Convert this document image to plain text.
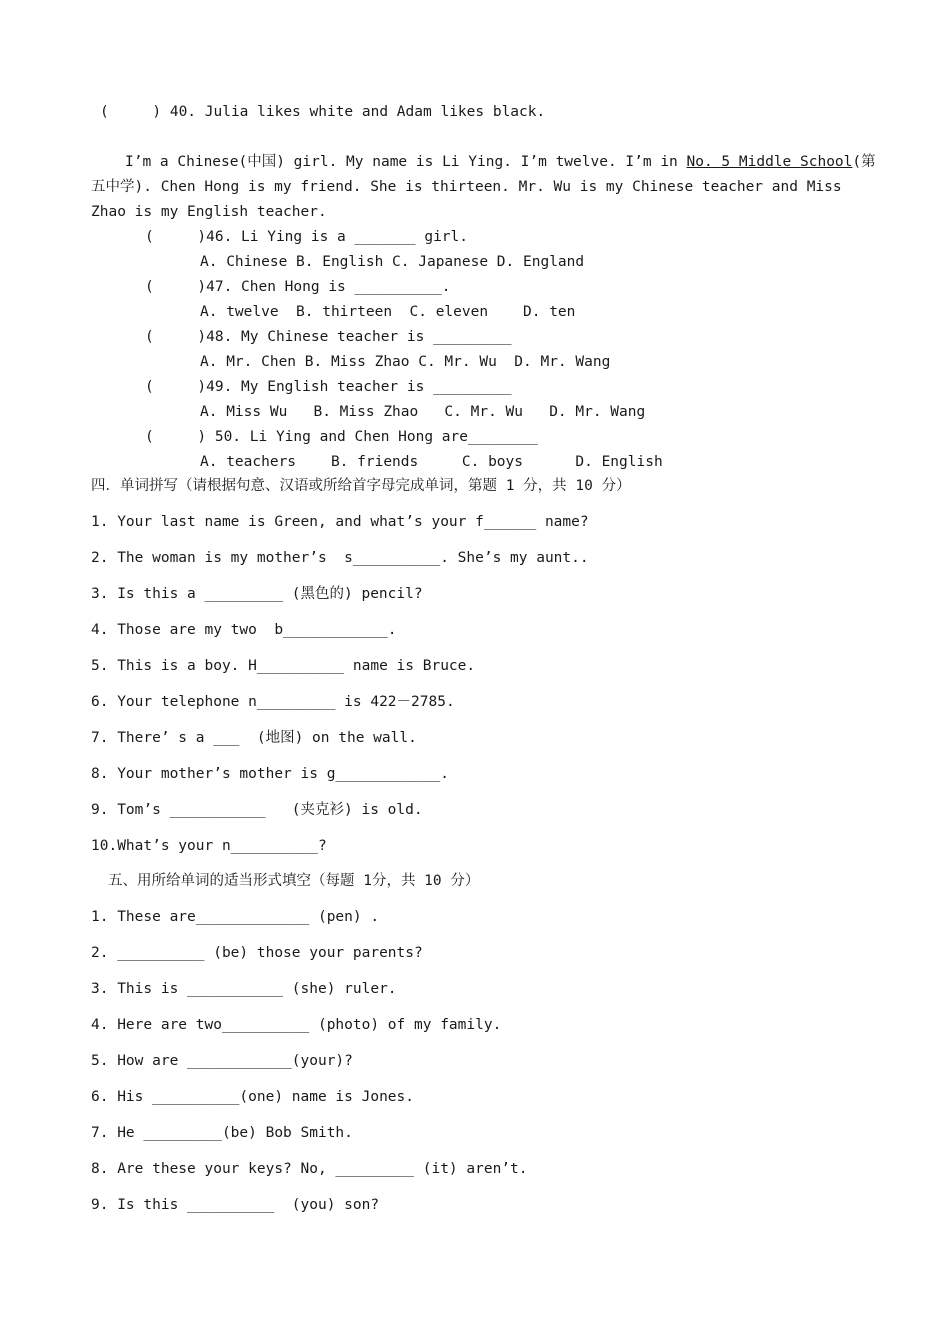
(     ) 40. Julia likes white and Adam likes black.
I’m a Chinese(中国) girl. My name is Li Ying. I’m twelve. I’m in No. 5 Middle School(第
五中学). Chen Hong is my friend. She is thirteen. Mr. Wu is my Chinese teacher and Miss
Zhao is my English teacher.
(     )46. Li Ying is a _______ girl.
A. Chinese B. English C. Japanese D. England
(     )47. Chen Hong is __________.
A. twelve  B. thirteen  C. eleven    D. ten
(     )48. My Chinese teacher is _________
A. Mr. Chen B. Miss Zhao C. Mr. Wu  D. Mr. Wang
(     )49. My English teacher is _________
A. Miss Wu   B. Miss Zhao   C. Mr. Wu   D. Mr. Wang
(     ) 50. Li Ying and Chen Hong are________
A. teachers    B. friends     C. boys      D. English
四．单词拼写（请根据句意、汉语或所给首字母完成单词，第题 1 分，共 10 分）
1. Your last name is Green, and what’s your f______ name?
2. The woman is my mother’s  s__________. She’s my aunt..
3. Is this a _________ (黑色的) pencil?
4. Those are my two  b____________.
5. This is a boy. H__________ name is Bruce.
6. Your telephone n_________ is 422－2785.
7. There’ s a ___  (地图) on the wall.
8. Your mother’s mother is g____________.
9. Tom’s ___________   (夹克衫) is old.
10.What’s your n__________?
五、用所给单词的适当形式填空（每题 1分，共 10 分）
1. These are_____________ (pen) .
2. __________ (be) those your parents?
3. This is ___________ (she) ruler.
4. Here are two__________ (photo) of my family.
5. How are ____________(your)?
6. His __________(one) name is Jones.
7. He _________(be) Bob Smith.
8. Are these your keys? No, _________ (it) aren’t.
9. Is this __________  (you) son?
